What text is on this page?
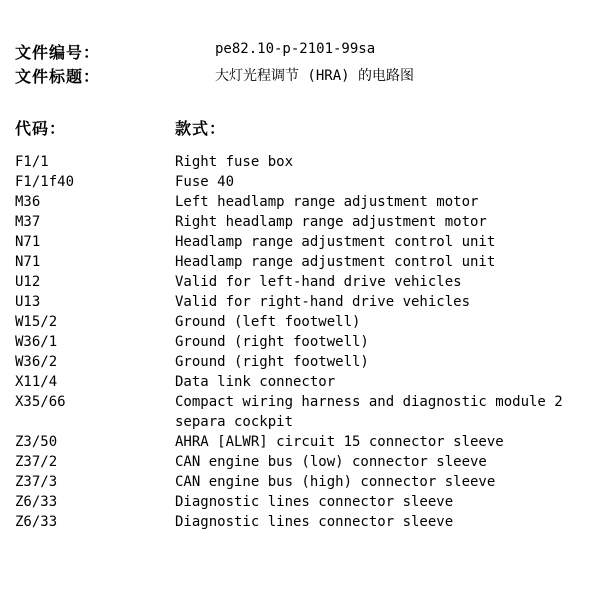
文件编号：	pe82.10-p-2101-99sa
文件标题：	大灯光程调节 (HRA) 的电路图
代码：	款式：
F1/1	Right fuse box
F1/1f40	Fuse 40
M36	Left headlamp range adjustment motor
M37	Right headlamp range adjustment motor
N71	Headlamp range adjustment control unit
N71	Headlamp range adjustment control unit
U12	Valid for left-hand drive vehicles
U13	Valid for right-hand drive vehicles
W15/2	Ground (left footwell)
W36/1	Ground (right footwell)
W36/2	Ground (right footwell)
X11/4	Data link connector
X35/66	Compact wiring harness and diagnostic module 2 separa cockpit
Z3/50	AHRA [ALWR] circuit 15 connector sleeve
Z37/2	CAN engine bus (low) connector sleeve
Z37/3	CAN engine bus (high) connector sleeve
Z6/33	Diagnostic lines connector sleeve
Z6/33	Diagnostic lines connector sleeve
